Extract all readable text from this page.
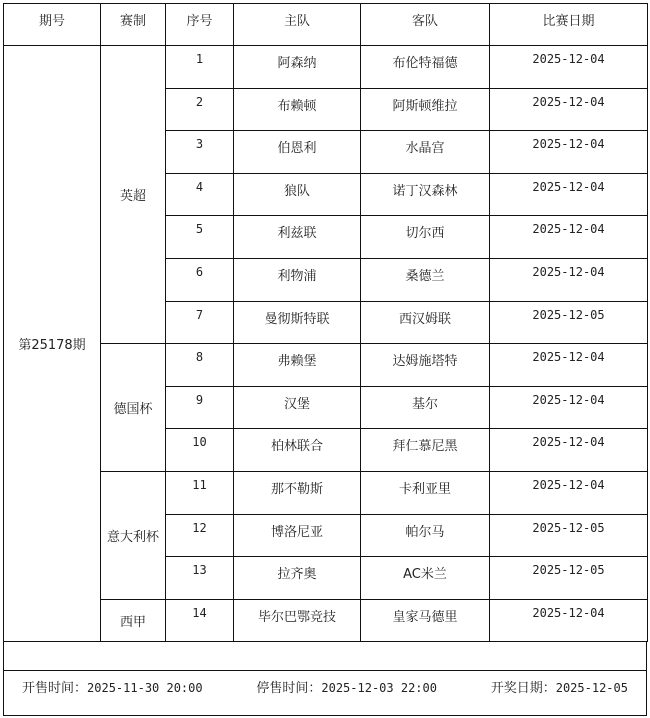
期号	赛制	序号	主队	客队	比赛日期
第25178期	英超	1	阿森纳	布伦特福德	2025-12-04
		2	布赖顿	阿斯顿维拉	2025-12-04
		3	伯恩利	水晶宫	2025-12-04
		4	狼队	诺丁汉森林	2025-12-04
		5	利兹联	切尔西	2025-12-04
		6	利物浦	桑德兰	2025-12-04
		7	曼彻斯特联	西汉姆联	2025-12-05
	德国杯	8	弗赖堡	达姆施塔特	2025-12-04
		9	汉堡	基尔	2025-12-04
		10	柏林联合	拜仁慕尼黑	2025-12-04
	意大利杯	11	那不勒斯	卡利亚里	2025-12-04
		12	博洛尼亚	帕尔马	2025-12-05
		13	拉齐奥	AC米兰	2025-12-05
	西甲	14	毕尔巴鄂竞技	皇家马德里	2025-12-04
开售时间：2025-11-30 20:00	停售时间：2025-12-03 22:00	开奖日期：2025-12-05
